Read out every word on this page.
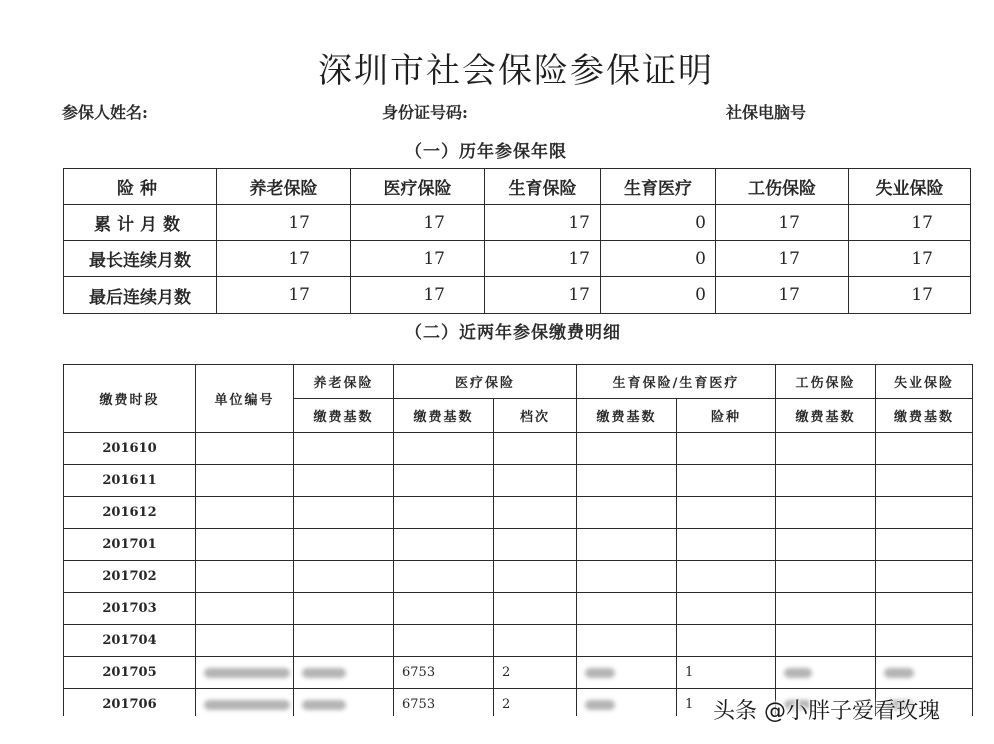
深圳市社会保险参保证明
参保人姓名:	身份证号码:	社保电脑号
（一）历年参保年限
险种	养老保险	医疗保险	生育保险	生育医疗	工伤保险	失业保险
累计月数	17	17	17	0	17	17
最长连续月数	17	17	17	0	17	17
最后连续月数	17	17	17	0	17	17
（二）近两年参保缴费明细
缴费时段	单位编号	养老保险	医疗保险		生育保险/生育医疗		工伤保险	失业保险
		缴费基数	缴费基数	档次	缴费基数	险种	缴费基数	缴费基数
201610								
201611								
201612								
201701								
201702								
201703								
201704								
201705			6753	2		1		
201706			6753	2		1		头条 @小胖子爱看玫瑰
